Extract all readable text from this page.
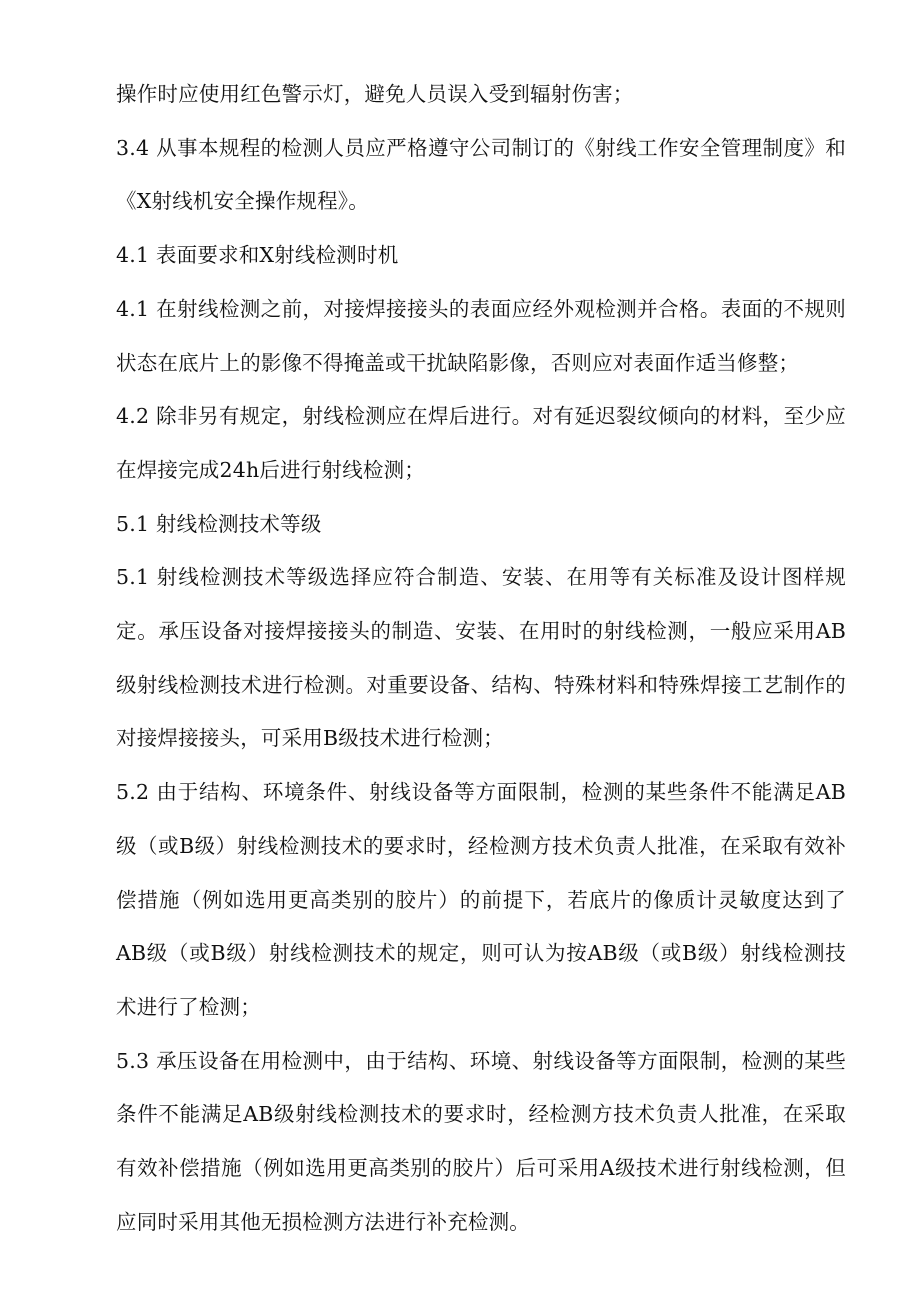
操作时应使用红色警示灯，避免人员误入受到辐射伤害；

3.4 从事本规程的检测人员应严格遵守公司制订的《射线工作安全管理制度》和《X射线机安全操作规程》。

4.1 表面要求和X射线检测时机

4.1 在射线检测之前，对接焊接接头的表面应经外观检测并合格。表面的不规则状态在底片上的影像不得掩盖或干扰缺陷影像，否则应对表面作适当修整；

4.2 除非另有规定，射线检测应在焊后进行。对有延迟裂纹倾向的材料，至少应在焊接完成24h后进行射线检测；

5.1 射线检测技术等级

5.1 射线检测技术等级选择应符合制造、安装、在用等有关标准及设计图样规定。承压设备对接焊接接头的制造、安装、在用时的射线检测，一般应采用AB级射线检测技术进行检测。对重要设备、结构、特殊材料和特殊焊接工艺制作的对接焊接接头，可采用B级技术进行检测；

5.2 由于结构、环境条件、射线设备等方面限制，检测的某些条件不能满足AB级（或B级）射线检测技术的要求时，经检测方技术负责人批准，在采取有效补偿措施（例如选用更高类别的胶片）的前提下，若底片的像质计灵敏度达到了AB级（或B级）射线检测技术的规定，则可认为按AB级（或B级）射线检测技术进行了检测；

5.3 承压设备在用检测中，由于结构、环境、射线设备等方面限制，检测的某些条件不能满足AB级射线检测技术的要求时，经检测方技术负责人批准，在采取有效补偿措施（例如选用更高类别的胶片）后可采用A级技术进行射线检测，但应同时采用其他无损检测方法进行补充检测。
